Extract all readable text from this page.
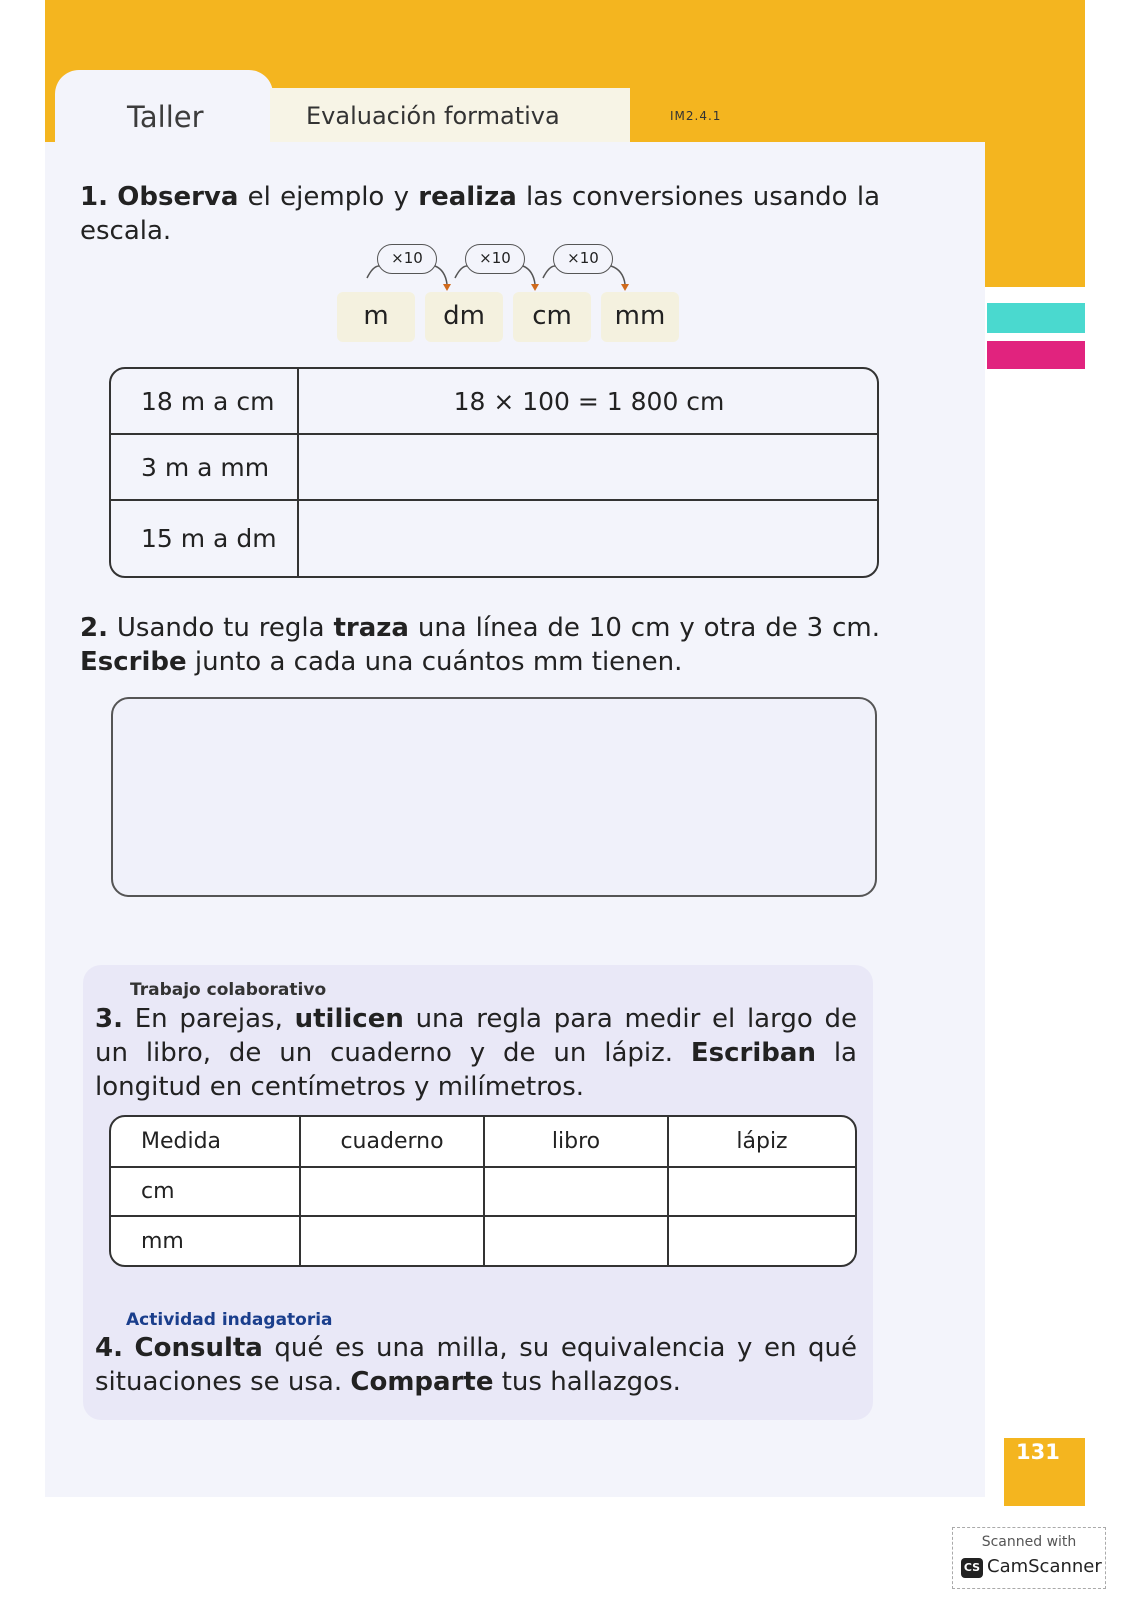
Taller	Evaluación formativa	IM2.4.1
1. Observa el ejemplo y realiza las conversiones usando la escala.
×10	×10	×10
m	dm	cm	mm
18 m a cm	18 × 100 = 1 800 cm
3 m a mm
15 m a dm
2. Usando tu regla traza una línea de 10 cm y otra de 3 cm. Escribe junto a cada una cuántos mm tienen.
Trabajo colaborativo
3. En parejas, utilicen una regla para medir el largo de un libro, de un cuaderno y de un lápiz. Escriban la longitud en centímetros y milímetros.
Medida	cuaderno	libro	lápiz
cm
mm
Actividad indagatoria
4. Consulta qué es una milla, su equivalencia y en qué situaciones se usa. Comparte tus hallazgos.
131
Scanned with
CS CamScanner
